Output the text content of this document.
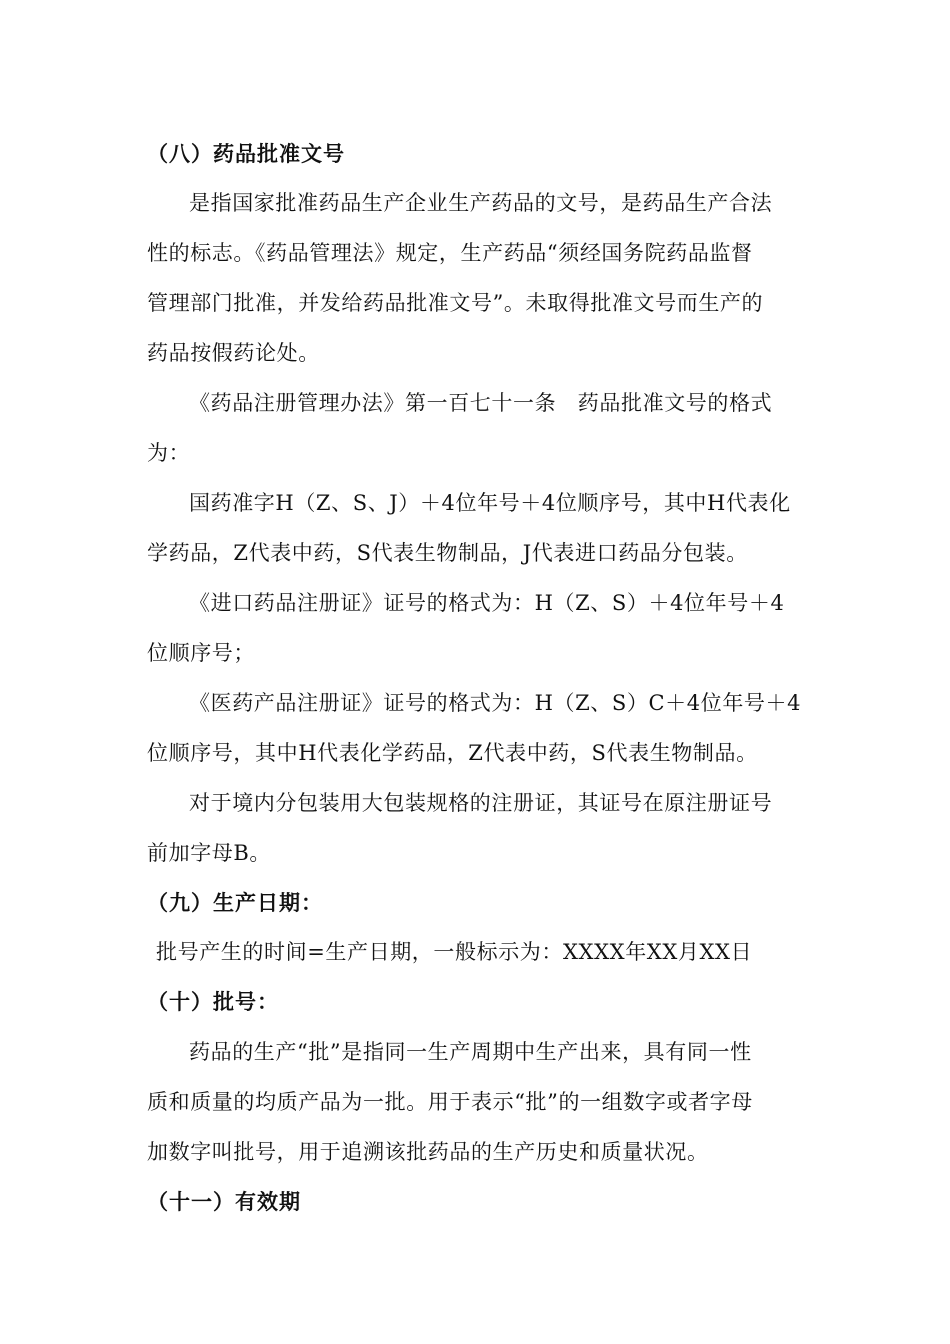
（八）药品批准文号
是指国家批准药品生产企业生产药品的文号，是药品生产合法
性的标志。《药品管理法》规定，生产药品“须经国务院药品监督
管理部门批准，并发给药品批准文号”。未取得批准文号而生产的
药品按假药论处。
《药品注册管理办法》第一百七十一条　药品批准文号的格式
为：
国药准字H（Z、S、J）＋4位年号＋4位顺序号，其中H代表化
学药品，Z代表中药，S代表生物制品，J代表进口药品分包装。
《进口药品注册证》证号的格式为：H（Z、S）＋4位年号＋4
位顺序号；
《医药产品注册证》证号的格式为：H（Z、S）C＋4位年号＋4
位顺序号，其中H代表化学药品，Z代表中药，S代表生物制品。
对于境内分包装用大包装规格的注册证，其证号在原注册证号
前加字母B。
（九）生产日期：
批号产生的时间=生产日期，一般标示为：XXXX年XX月XX日
（十）批号：
药品的生产“批”是指同一生产周期中生产出来，具有同一性
质和质量的均质产品为一批。用于表示“批”的一组数字或者字母
加数字叫批号，用于追溯该批药品的生产历史和质量状况。
（十一）有效期
